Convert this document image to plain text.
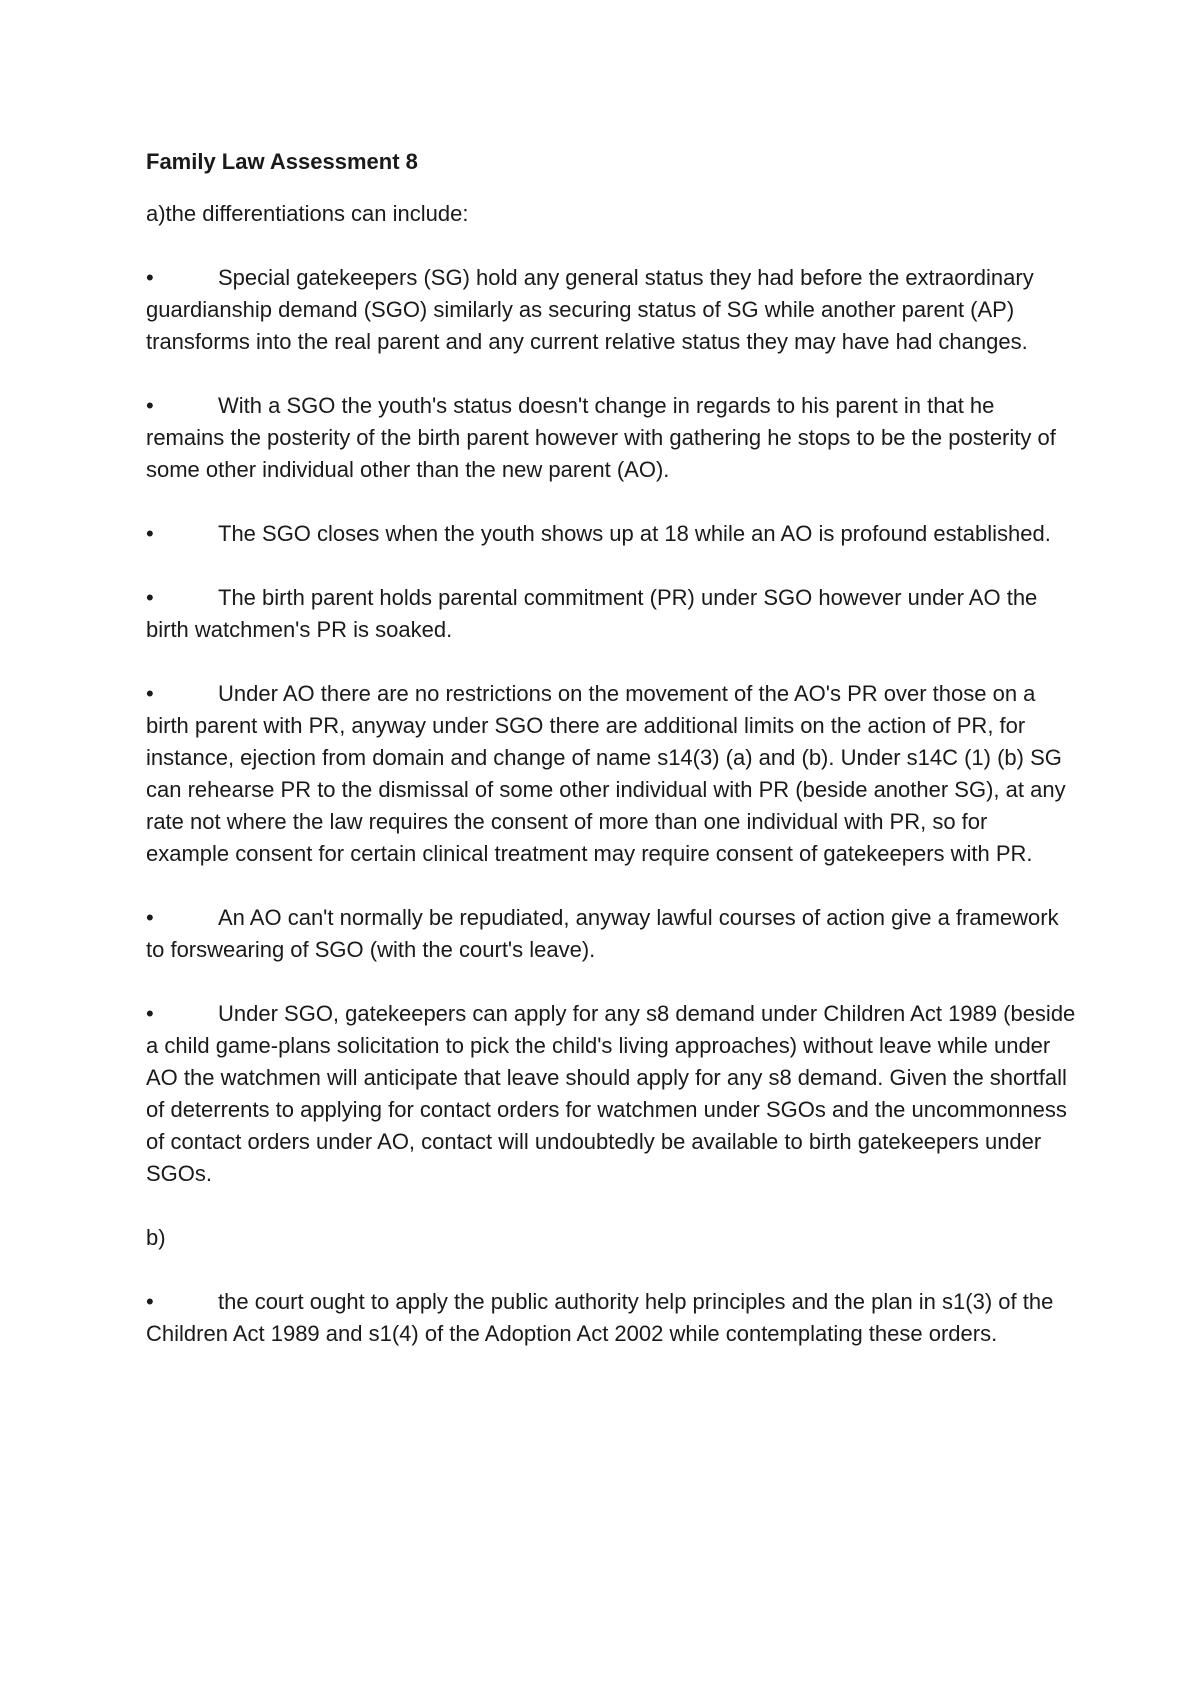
Family Law Assessment 8
a)the differentiations can include:
•	Special gatekeepers (SG) hold any general status they had before the extraordinary guardianship demand (SGO) similarly as securing status of SG while another parent (AP) transforms into the real parent and any current relative status they may have had changes.
•	With a SGO the youth's status doesn't change in regards to his parent in that he remains the posterity of the birth parent however with gathering he stops to be the posterity of some other individual other than the new parent (AO).
•	The SGO closes when the youth shows up at 18 while an AO is profound established.
•	The birth parent holds parental commitment (PR) under SGO however under AO the birth watchmen's PR is soaked.
•	Under AO there are no restrictions on the movement of the AO's PR over those on a birth parent with PR, anyway under SGO there are additional limits on the action of PR, for instance, ejection from domain and change of name s14(3) (a) and (b). Under s14C (1) (b) SG can rehearse PR to the dismissal of some other individual with PR (beside another SG), at any rate not where the law requires the consent of more than one individual with PR, so for example consent for certain clinical treatment may require consent of gatekeepers with PR.
•	An AO can't normally be repudiated, anyway lawful courses of action give a framework to forswearing of SGO (with the court's leave).
•	Under SGO, gatekeepers can apply for any s8 demand under Children Act 1989 (beside a child game-plans solicitation to pick the child's living approaches) without leave while under AO the watchmen will anticipate that leave should apply for any s8 demand. Given the shortfall of deterrents to applying for contact orders for watchmen under SGOs and the uncommonness of contact orders under AO, contact will undoubtedly be available to birth gatekeepers under SGOs.
b)
•	the court ought to apply the public authority help principles and the plan in s1(3) of the Children Act 1989 and s1(4) of the Adoption Act 2002 while contemplating these orders.
